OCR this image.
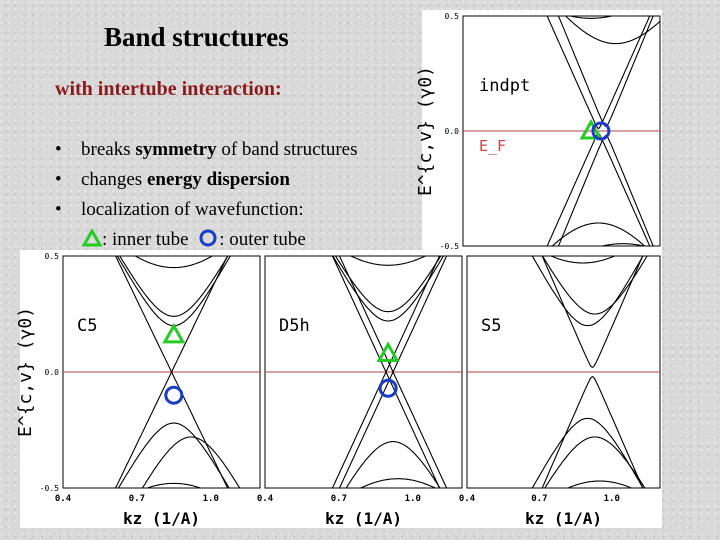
Band structures
with intertube interaction:
• breaks symmetry of band structures
• changes energy dispersion
• localization of wavefunction:
: inner tube : outer tube
0.5
0.0
-0.5
E^{c,v} (γ0)	indpt
E_F
0.5
0.0
-0.5
0.4	0.7	1.0
kz (1/A)
E^{c,v} (γ0) C5
0.4	0.7	1.0
kz (1/A)
D5h
0.4	0.7	1.0
kz (1/A)
S5
